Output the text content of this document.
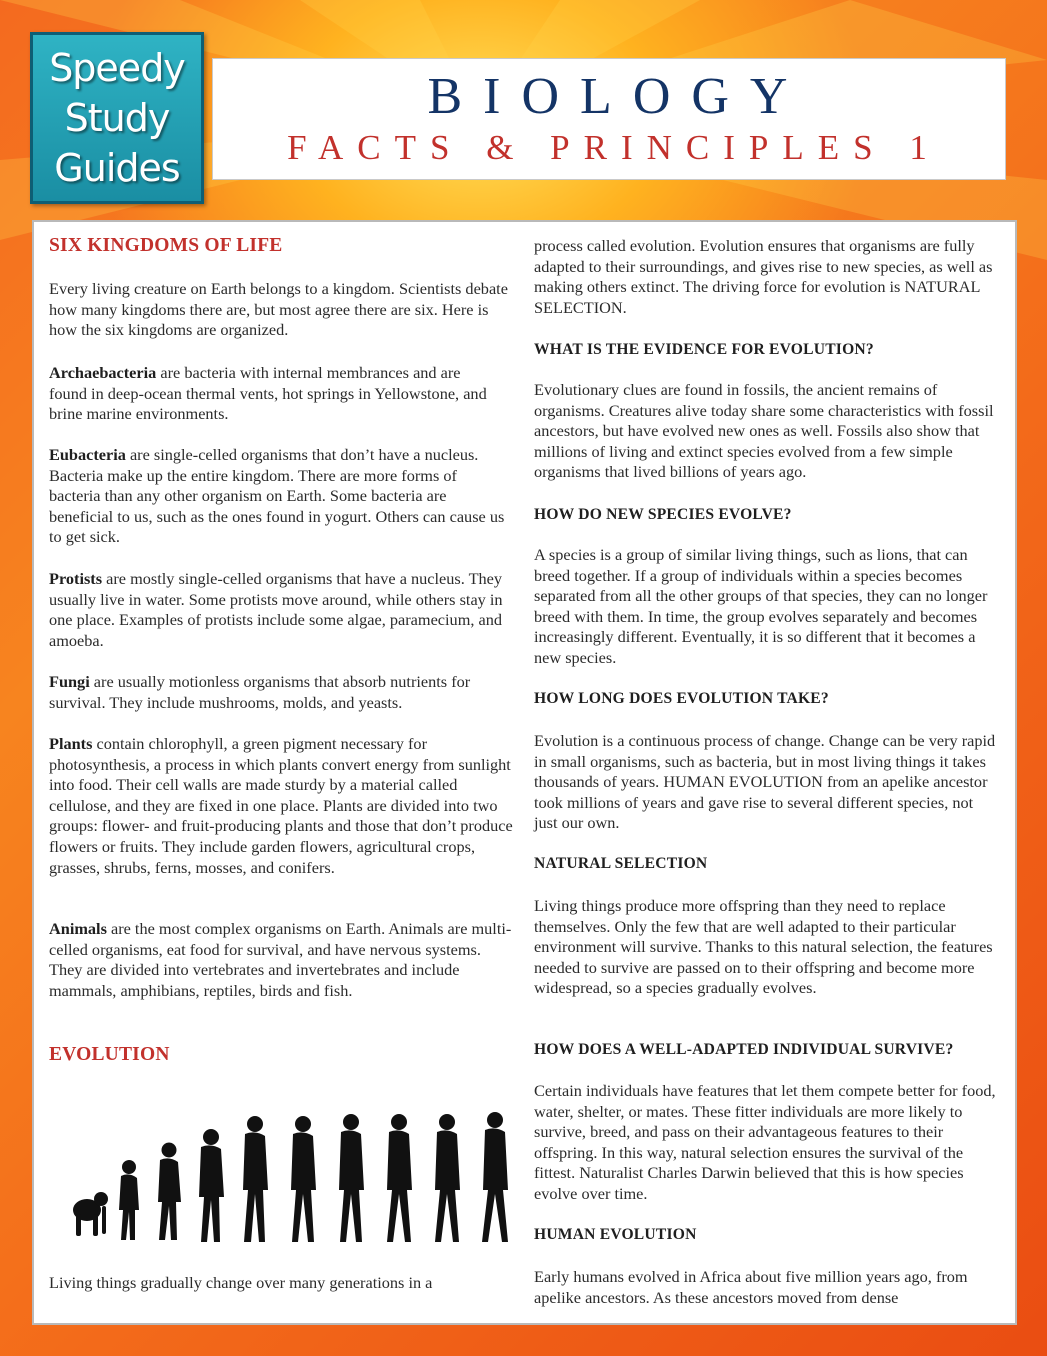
Speedy
Study
Guides
BIOLOGY
FACTS & PRINCIPLES 1
SIX KINGDOMS OF LIFE

Every living creature on Earth belongs to a kingdom. Scientists debate how many kingdoms there are, but most agree there are six. Here is how the six kingdoms are organized.

Archaebacteria are bacteria with internal membrances and are found in deep-ocean thermal vents, hot springs in Yellowstone, and brine marine environments.

Eubacteria are single-celled organisms that don’t have a nucleus. Bacteria make up the entire kingdom. There are more forms of bacteria than any other organism on Earth. Some bacteria are beneficial to us, such as the ones found in yogurt. Others can cause us to get sick.

Protists are mostly single-celled organisms that have a nucleus. They usually live in water. Some protists move around, while others stay in one place. Examples of protists include some algae, paramecium, and amoeba.

Fungi are usually motionless organisms that absorb nutrients for survival. They include mushrooms, molds, and yeasts.

Plants contain chlorophyll, a green pigment necessary for photosynthesis, a process in which plants convert energy from sunlight into food. Their cell walls are made sturdy by a material called cellulose, and they are fixed in one place. Plants are divided into two groups: flower- and fruit-producing plants and those that don’t produce flowers or fruits. They include garden flowers, agricultural crops, grasses, shrubs, ferns, mosses, and conifers.

Animals are the most complex organisms on Earth. Animals are multi-celled organisms, eat food for survival, and have nervous systems. They are divided into vertebrates and invertebrates and include mammals, amphibians, reptiles, birds and fish.

EVOLUTION

Living things gradually change over many generations in a

process called evolution. Evolution ensures that organisms are fully adapted to their surroundings, and gives rise to new species, as well as making others extinct. The driving force for evolution is NATURAL SELECTION.

WHAT IS THE EVIDENCE FOR EVOLUTION?

Evolutionary clues are found in fossils, the ancient remains of organisms. Creatures alive today share some characteristics with fossil ancestors, but have evolved new ones as well. Fossils also show that millions of living and extinct species evolved from a few simple organisms that lived billions of years ago.

HOW DO NEW SPECIES EVOLVE?

A species is a group of similar living things, such as lions, that can breed together. If a group of individuals within a species becomes separated from all the other groups of that species, they can no longer breed with them. In time, the group evolves separately and becomes increasingly different. Eventually, it is so different that it becomes a new species.

HOW LONG DOES EVOLUTION TAKE?

Evolution is a continuous process of change. Change can be very rapid in small organisms, such as bacteria, but in most living things it takes thousands of years. HUMAN EVOLUTION from an apelike ancestor took millions of years and gave rise to several different species, not just our own.

NATURAL SELECTION

Living things produce more offspring than they need to replace themselves. Only the few that are well adapted to their particular environment will survive. Thanks to this natural selection, the features needed to survive are passed on to their offspring and become more widespread, so a species gradually evolves.

HOW DOES A WELL-ADAPTED INDIVIDUAL SURVIVE?

Certain individuals have features that let them compete better for food, water, shelter, or mates. These fitter individuals are more likely to survive, breed, and pass on their advantageous features to their offspring. In this way, natural selection ensures the survival of the fittest. Naturalist Charles Darwin believed that this is how species evolve over time.

HUMAN EVOLUTION

Early humans evolved in Africa about five million years ago, from apelike ancestors. As these ancestors moved from dense
